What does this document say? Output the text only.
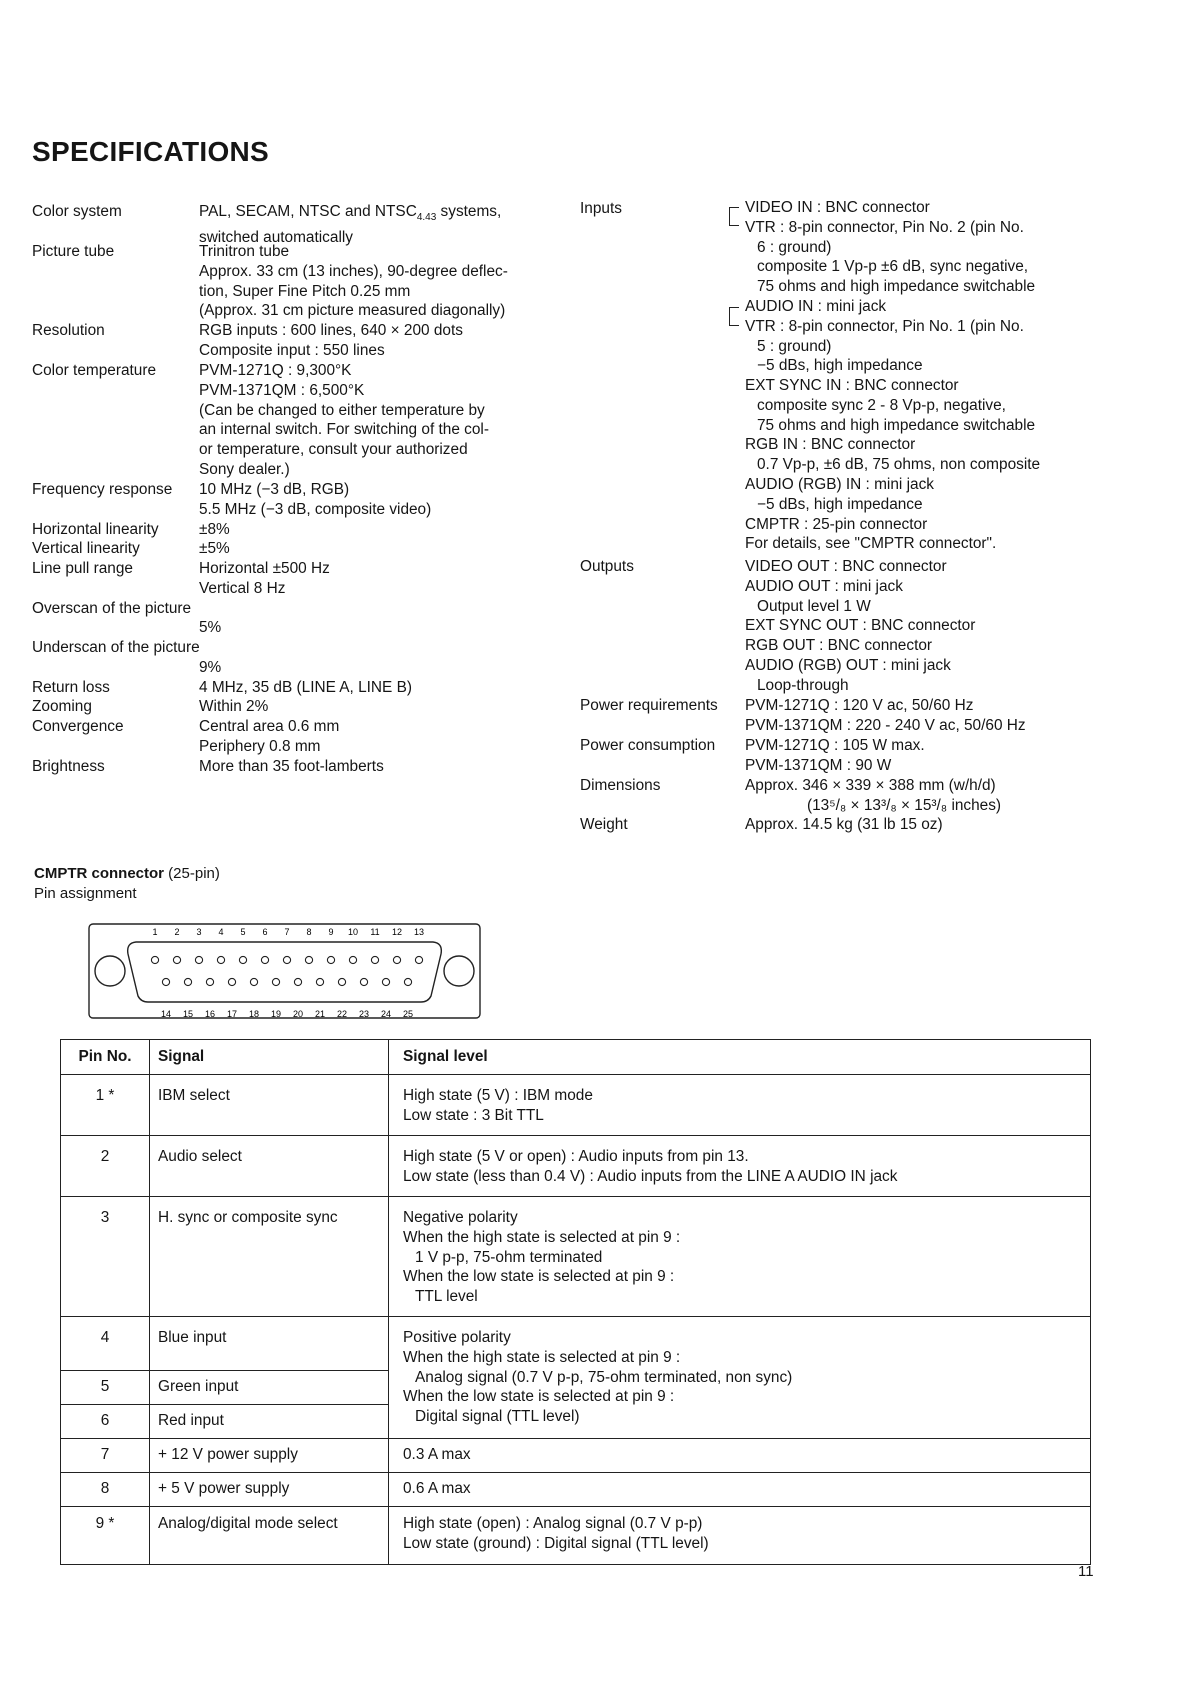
SPECIFICATIONS
Color system	PAL, SECAM, NTSC and $NTSC_{4.43}$ systems,
switched automatically
Picture tube	Trinitron tube
Approx. 33 cm (13 inches), 90-degree deflec-
tion, Super Fine Pitch 0.25 mm
(Approx. 31 cm picture measured diagonally)
Resolution	RGB inputs : 600 lines, 640 × 200 dots
Composite input : 550 lines
Color temperature	PVM-1271Q : 9,300°K
PVM-1371QM : 6,500°K
(Can be changed to either temperature by
an internal switch. For switching of the col-
or temperature, consult your authorized
Sony dealer.)
Frequency response 10 MHz (−3 dB, RGB)
5.5 MHz (−3 dB, composite video)
Horizontal linearity	±8%
Vertical linearity	±5%
Line pull range	Horizontal ±500 Hz
Vertical 8 Hz
Overscan of the picture
5%
Underscan of the picture
9%
Return loss	4 MHz, 35 dB (LINE A, LINE B)
Zooming	Within 2%
Convergence	Central area 0.6 mm
Periphery 0.8 mm
Brightness	More than 35 foot-lamberts
Inputs	VIDEO IN : BNC connector
VTR : 8-pin connector, Pin No. 2 (pin No.
6 : ground)
composite 1 Vp-p ±6 dB, sync negative,
75 ohms and high impedance switchable
AUDIO IN : mini jack
VTR : 8-pin connector, Pin No. 1 (pin No.
5 : ground)
−5 dBs, high impedance
EXT SYNC IN : BNC connector
composite sync 2 - 8 Vp-p, negative,
75 ohms and high impedance switchable
RGB IN : BNC connector
0.7 Vp-p, ±6 dB, 75 ohms, non composite
AUDIO (RGB) IN : mini jack
−5 dBs, high impedance
CMPTR : 25-pin connector
For details, see "CMPTR connector".
Outputs	VIDEO OUT : BNC connector
AUDIO OUT : mini jack
Output level 1 W
EXT SYNC OUT : BNC connector
RGB OUT : BNC connector
AUDIO (RGB) OUT : mini jack
Loop-through
Power requirements PVM-1271Q : 120 V ac, 50/60 Hz
PVM-1371QM : 220 - 240 V ac, 50/60 Hz
Power consumption PVM-1271Q : 105 W max.
PVM-1371QM : 90 W
Dimensions	Approx. 346 × 339 × 388 mm (w/h/d)
(13⁵/₈ × 13³/₈ × 15³/₈ inches)
Weight	Approx. 14.5 kg (31 lb 15 oz)
CMPTR connector (25-pin)
Pin assignment
1 2 3 4 5 6 7 8 9 10 11 12 13
14 15 16 17 18 19 20 21 22 23 24 25
Pin No.	Signal	Signal level

1 *	IBM select	High state (5 V) : IBM mode
Low state : 3 Bit TTL

2	Audio select	High state (5 V or open) : Audio inputs from pin 13.
Low state (less than 0.4 V) : Audio inputs from the LINE A AUDIO IN jack

3	H. sync or composite sync	Negative polarity
When the high state is selected at pin 9 :
1 V p-p, 75-ohm terminated
When the low state is selected at pin 9 :
TTL level

4	Blue input	Positive polarity
When the high state is selected at pin 9 :
Analog signal (0.7 V p-p, 75-ohm terminated, non sync)
When the low state is selected at pin 9 :
Digital signal (TTL level)

5	Green input	

6	Red input	

7	+ 12 V power supply	0.3 A max

8	+ 5 V power supply	0.6 A max

9 *	Analog/digital mode select	High state (open) : Analog signal (0.7 V p-p)
Low state (ground) : Digital signal (TTL level)
11
